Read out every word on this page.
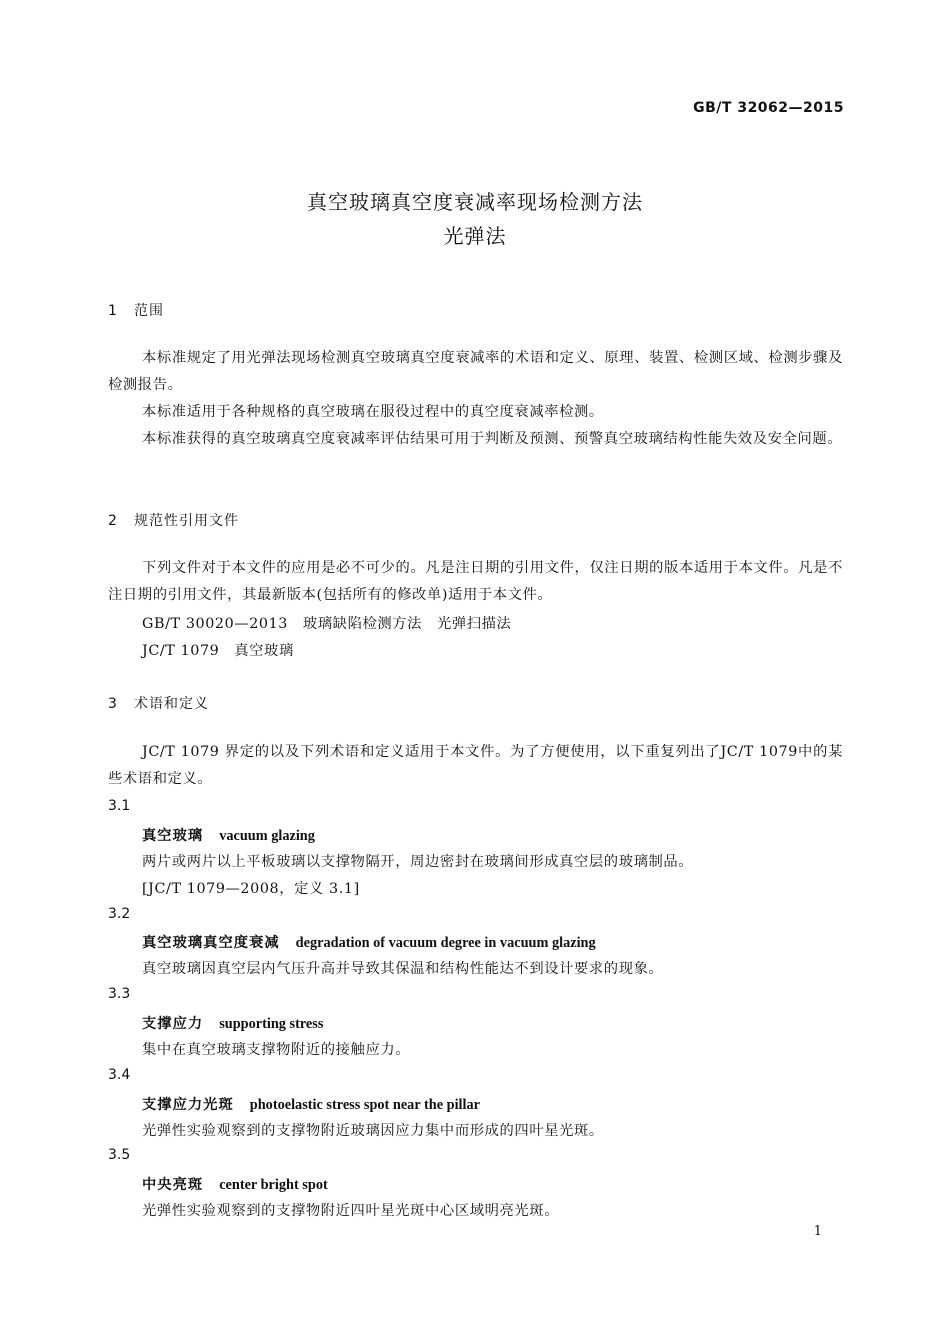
GB/T 32062—2015
真空玻璃真空度衰减率现场检测方法
光弹法
1 范围
本标准规定了用光弹法现场检测真空玻璃真空度衰减率的术语和定义、原理、装置、检测区域、检测步骤及检测报告。
本标准适用于各种规格的真空玻璃在服役过程中的真空度衰减率检测。
本标准获得的真空玻璃真空度衰减率评估结果可用于判断及预测、预警真空玻璃结构性能失效及安全问题。
2 规范性引用文件
下列文件对于本文件的应用是必不可少的。凡是注日期的引用文件，仅注日期的版本适用于本文件。凡是不注日期的引用文件，其最新版本(包括所有的修改单)适用于本文件。
GB/T 30020—2013　玻璃缺陷检测方法　光弹扫描法
JC/T 1079　真空玻璃
3 术语和定义
JC/T 1079 界定的以及下列术语和定义适用于本文件。为了方便使用，以下重复列出了JC/T 1079中的某些术语和定义。
3.1
真空玻璃 vacuum glazing
两片或两片以上平板玻璃以支撑物隔开，周边密封在玻璃间形成真空层的玻璃制品。
[JC/T 1079—2008，定义 3.1]
3.2
真空玻璃真空度衰减 degradation of vacuum degree in vacuum glazing
真空玻璃因真空层内气压升高并导致其保温和结构性能达不到设计要求的现象。
3.3
支撑应力 supporting stress
集中在真空玻璃支撑物附近的接触应力。
3.4
支撑应力光斑 photoelastic stress spot near the pillar
光弹性实验观察到的支撑物附近玻璃因应力集中而形成的四叶星光斑。
3.5
中央亮斑 center bright spot
光弹性实验观察到的支撑物附近四叶星光斑中心区域明亮光斑。
1
